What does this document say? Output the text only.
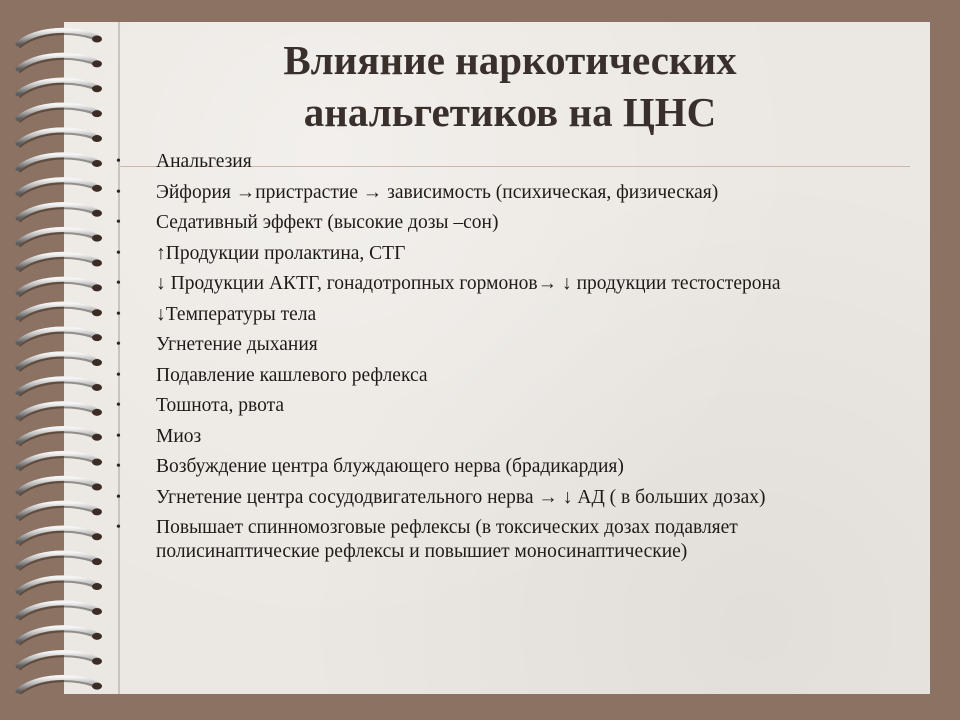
Влияние наркотических
анальгетиков на ЦНС
• Анальгезия
• Эйфория →пристрастие → зависимость (психическая, физическая)
• Седативный эффект (высокие дозы –сон)
• ↑Продукции пролактина, СТГ
• ↓ Продукции АКТГ, гонадотропных гормонов→ ↓ продукции тестостерона
• ↓Температуры тела
• Угнетение дыхания
• Подавление кашлевого рефлекса
• Тошнота, рвота
• Миоз
• Возбуждение центра блуждающего нерва (брадикардия)
• Угнетение центра сосудодвигательного нерва → ↓ АД ( в больших дозах)
• Повышает спинномозговые рефлексы (в токсических дозах подавляет полисинаптические рефлексы и повышиет моносинаптические)
